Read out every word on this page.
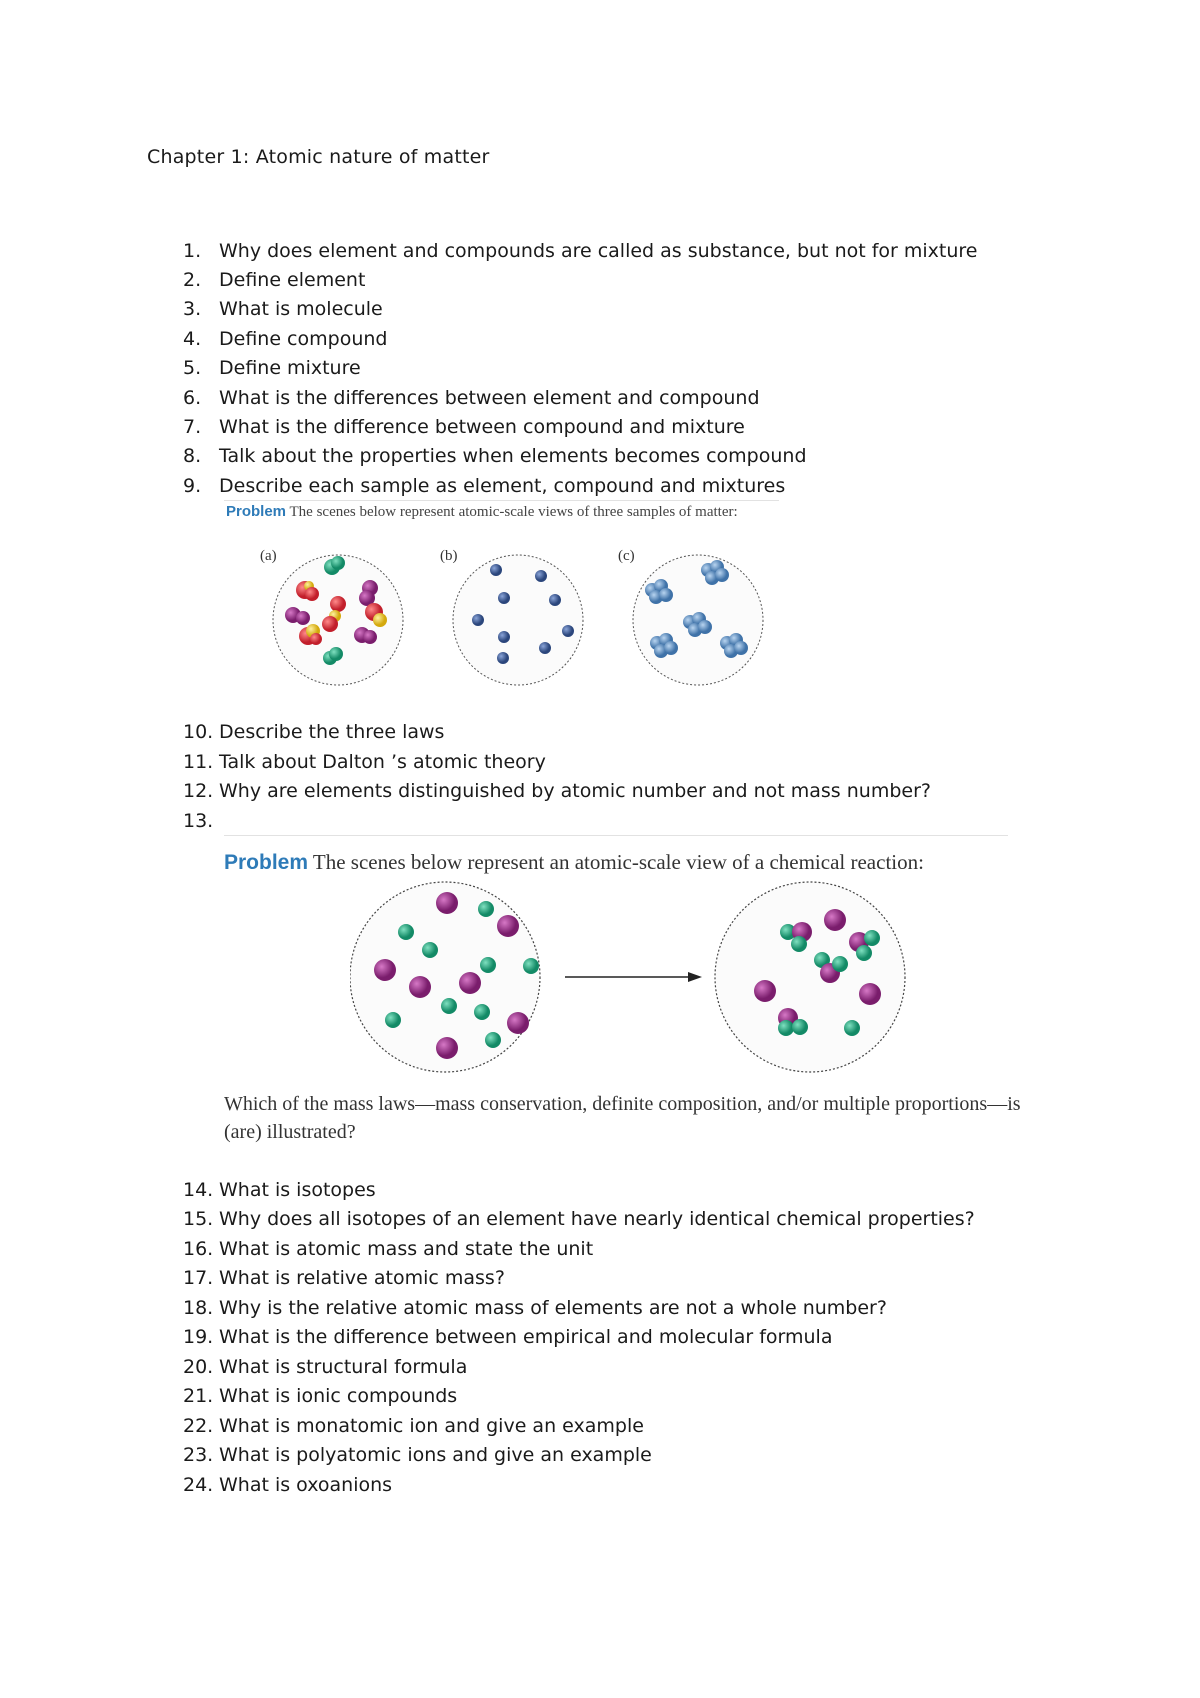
Chapter 1: Atomic nature of matter
1. Why does element and compounds are called as substance, but not for mixture
2. Define element
3. What is molecule
4. Define compound
5. Define mixture
6. What is the differences between element and compound
7. What is the difference between compound and mixture
8. Talk about the properties when elements becomes compound
9. Describe each sample as element, compound and mixtures
Problem The scenes below represent atomic-scale views of three samples of matter:
(a)	(b)	(c)
10. Describe the three laws
11. Talk about Dalton ’s atomic theory
12. Why are elements distinguished by atomic number and not mass number?
13.
Problem The scenes below represent an atomic-scale view of a chemical reaction:
Which of the mass laws—mass conservation, definite composition, and/or multiple proportions—is (are) illustrated?
14. What is isotopes
15. Why does all isotopes of an element have nearly identical chemical properties?
16. What is atomic mass and state the unit
17. What is relative atomic mass?
18. Why is the relative atomic mass of elements are not a whole number?
19. What is the difference between empirical and molecular formula
20. What is structural formula
21. What is ionic compounds
22. What is monatomic ion and give an example
23. What is polyatomic ions and give an example
24. What is oxoanions
